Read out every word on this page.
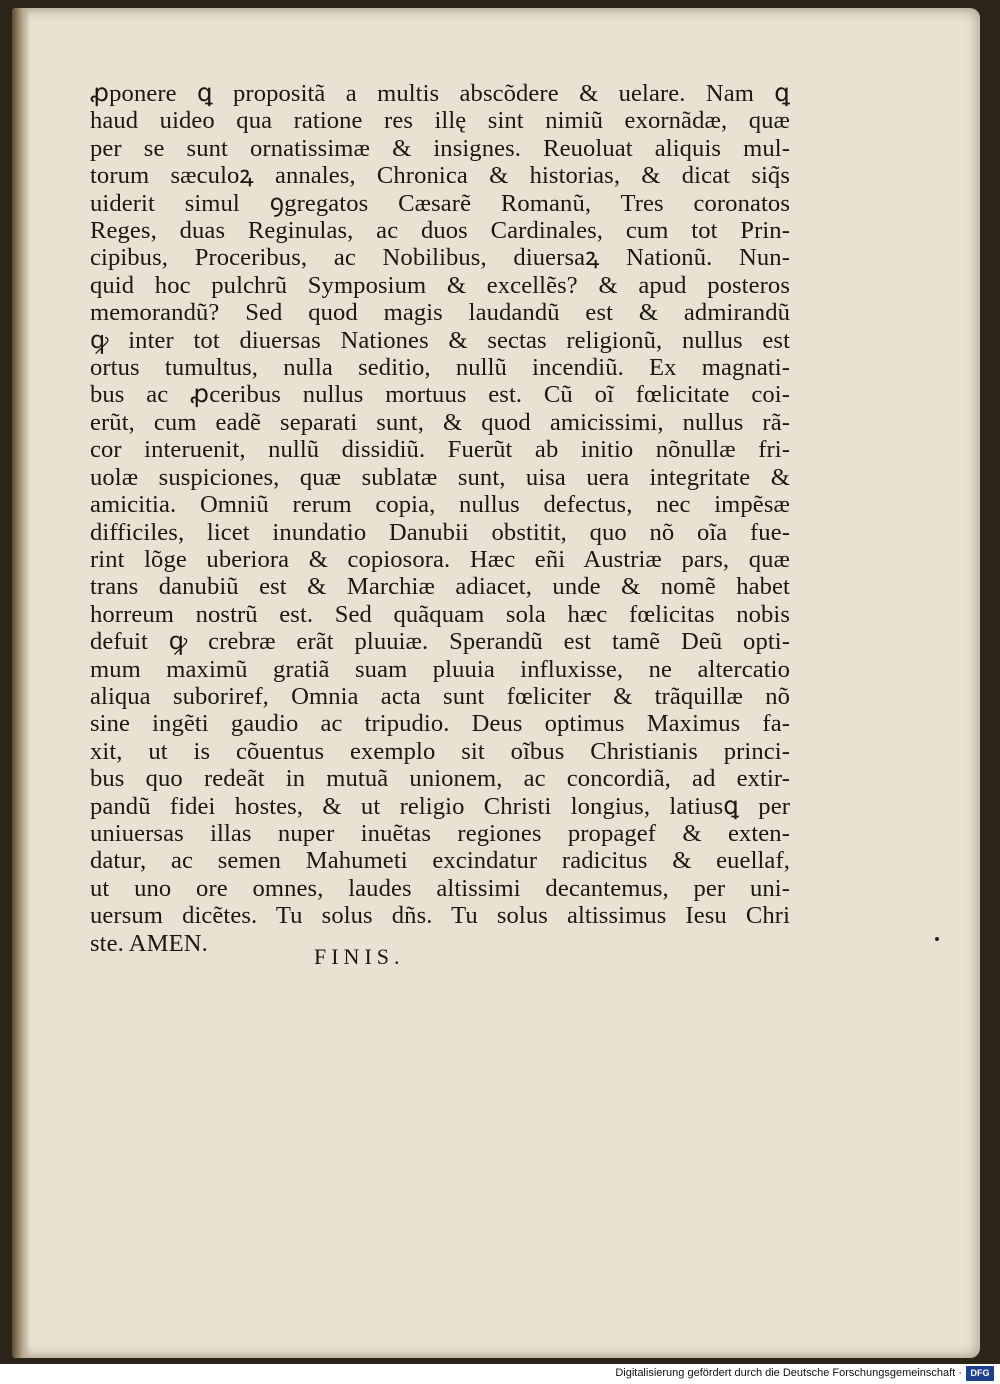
ꝓponere ꝗ propositã a multis abscõdere & uelare. Nam ꝗ
haud uideo qua ratione res illę sint nimiũ exornãdæ, quæ
per se sunt ornatissimæ & insignes. Reuoluat aliquis mul-
torum sæculoꝝ annales, Chronica & historias, & dicat siq̃s
uiderit simul ꝯgregatos Cæsarẽ Romanũ, Tres coronatos
Reges, duas Reginulas, ac duos Cardinales, cum tot Prin-
cipibus, Proceribus, ac Nobilibus, diuersaꝝ Nationũ. Nun-
quid hoc pulchrũ Symposium & excellẽs? & apud posteros
memorandũ? Sed quod magis laudandũ est & admirandũ
ꝙ inter tot diuersas Nationes & sectas religionũ, nullus est
ortus tumultus, nulla seditio, nullũ incendiũ. Ex magnati-
bus ac ꝓceribus nullus mortuus est. Cũ oĩ fœlicitate coi-
erũt, cum eadẽ separati sunt, & quod amicissimi, nullus rã-
cor interuenit, nullũ dissidiũ. Fuerũt ab initio nõnullæ fri-
uolæ suspiciones, quæ sublatæ sunt, uisa uera integritate &
amicitia. Omniũ rerum copia, nullus defectus, nec impẽsæ
difficiles, licet inundatio Danubii obstitit, quo nõ oĩa fue-
rint lõge uberiora & copiosora. Hæc eñi Austriæ pars, quæ
trans danubiũ est & Marchiæ adiacet, unde & nomẽ habet
horreum nostrũ est. Sed quãquam sola hæc fœlicitas nobis
defuit ꝙ crebræ erãt pluuiæ. Sperandũ est tamẽ Deũ opti-
mum maximũ gratiã suam pluuia influxisse, ne altercatio
aliqua suboriref, Omnia acta sunt fœliciter & trãquillæ nõ
sine ingẽti gaudio ac tripudio. Deus optimus Maximus fa-
xit, ut is cõuentus exemplo sit oĩbus Christianis princi-
bus quo redeãt in mutuã unionem, ac concordiã, ad extir-
pandũ fidei hostes, & ut religio Christi longius, latiusꝗ per
uniuersas illas nuper inuẽtas regiones propagef & exten-
datur, ac semen Mahumeti excindatur radicitus & euellaf,
ut uno ore omnes, laudes altissimi decantemus, per uni-
uersum dicẽtes. Tu solus dñs. Tu solus altissimus Iesu Chri
ste. AMEN.	FINIS.
Digitalisierung gefördert durch die Deutsche Forschungsgemeinschaft · DFG
